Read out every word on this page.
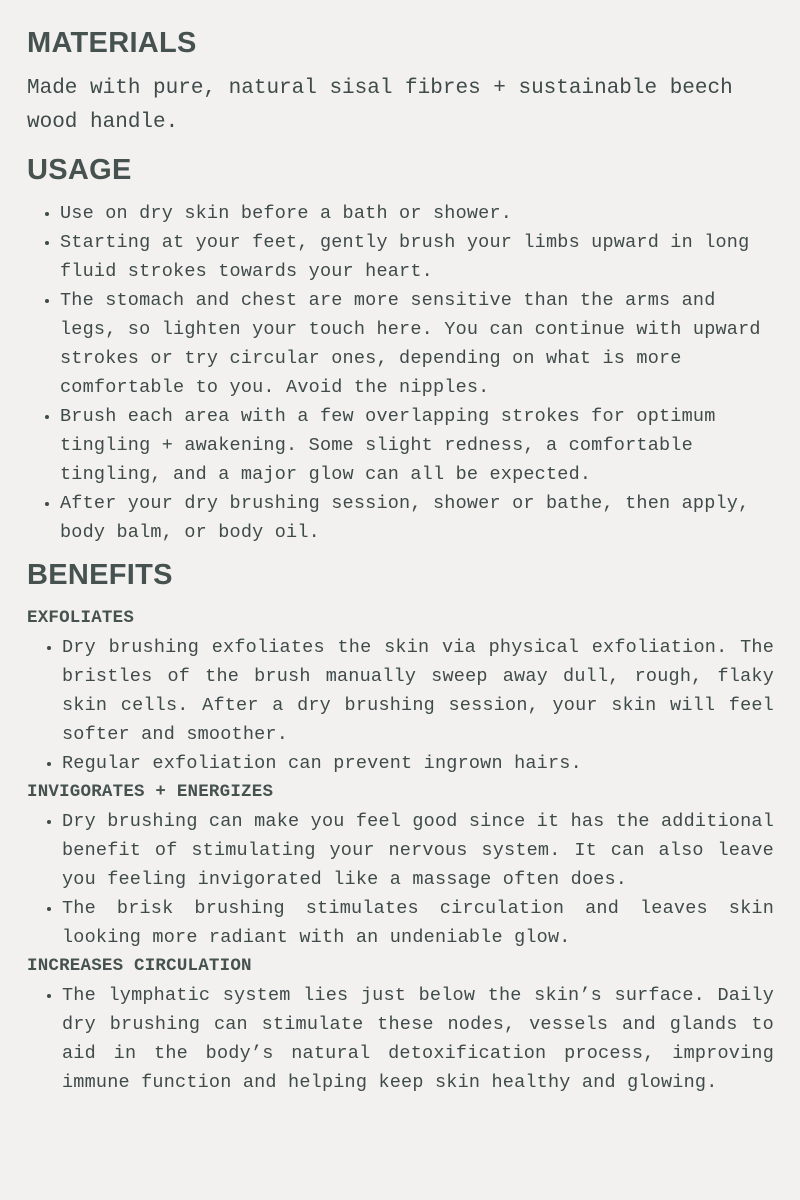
MATERIALS

Made with pure, natural sisal fibres + sustainable beech wood handle.

USAGE
• Use on dry skin before a bath or shower.
• Starting at your feet, gently brush your limbs upward in long fluid strokes towards your heart.
• The stomach and chest are more sensitive than the arms and legs, so lighten your touch here. You can continue with upward strokes or try circular ones, depending on what is more comfortable to you. Avoid the nipples.
• Brush each area with a few overlapping strokes for optimum tingling + awakening. Some slight redness, a comfortable tingling, and a major glow can all be expected.
• After your dry brushing session, shower or bathe, then apply, body balm, or body oil.
BENEFITS
EXFOLIATES
• Dry brushing exfoliates the skin via physical exfoliation. The bristles of the brush manually sweep away dull, rough, flaky skin cells. After a dry brushing session, your skin will feel softer and smoother.
• Regular exfoliation can prevent ingrown hairs.
INVIGORATES + ENERGIZES
• Dry brushing can make you feel good since it has the additional benefit of stimulating your nervous system. It can also leave you feeling invigorated like a massage often does.
• The brisk brushing stimulates circulation and leaves skin looking more radiant with an undeniable glow.
INCREASES CIRCULATION
• The lymphatic system lies just below the skin’s surface. Daily dry brushing can stimulate these nodes, vessels and glands to aid in the body’s natural detoxification process, improving immune function and helping keep skin healthy and glowing.
